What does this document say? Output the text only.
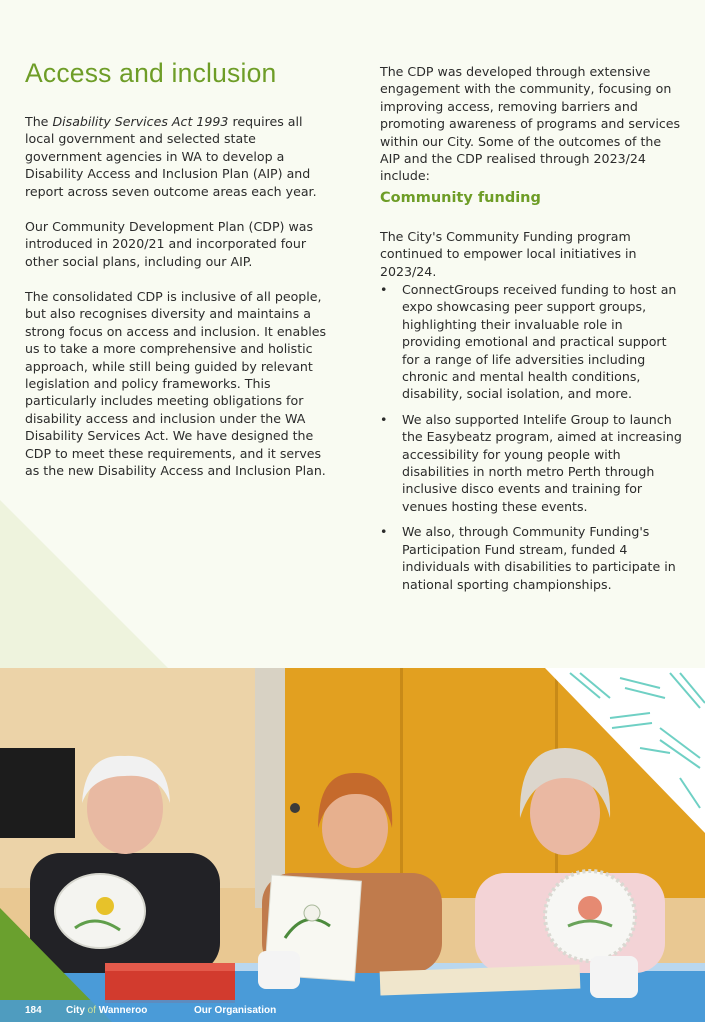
Access and inclusion

The Disability Services Act 1993 requires all local government and selected state government agencies in WA to develop a Disability Access and Inclusion Plan (AIP) and report across seven outcome areas each year.

Our Community Development Plan (CDP) was introduced in 2020/21 and incorporated four other social plans, including our AIP.

The consolidated CDP is inclusive of all people, but also recognises diversity and maintains a strong focus on access and inclusion. It enables us to take a more comprehensive and holistic approach, while still being guided by relevant legislation and policy frameworks. This particularly includes meeting obligations for disability access and inclusion under the WA Disability Services Act. We have designed the CDP to meet these requirements, and it serves as the new Disability Access and Inclusion Plan.

The CDP was developed through extensive engagement with the community, focusing on improving access, removing barriers and promoting awareness of programs and services within our City. Some of the outcomes of the AIP and the CDP realised through 2023/24 include:

Community funding

The City's Community Funding program continued to empower local initiatives in 2023/24.

• ConnectGroups received funding to host an expo showcasing peer support groups, highlighting their invaluable role in providing emotional and practical support for a range of life adversities including chronic and mental health conditions, disability, social isolation, and more.
• We also supported Intelife Group to launch the Easybeatz program, aimed at increasing accessibility for young people with disabilities in north metro Perth through inclusive disco events and training for venues hosting these events.
• We also, through Community Funding's Participation Fund stream, funded 4 individuals with disabilities to participate in national sporting championships.
184 City of Wanneroo	Our Organisation
